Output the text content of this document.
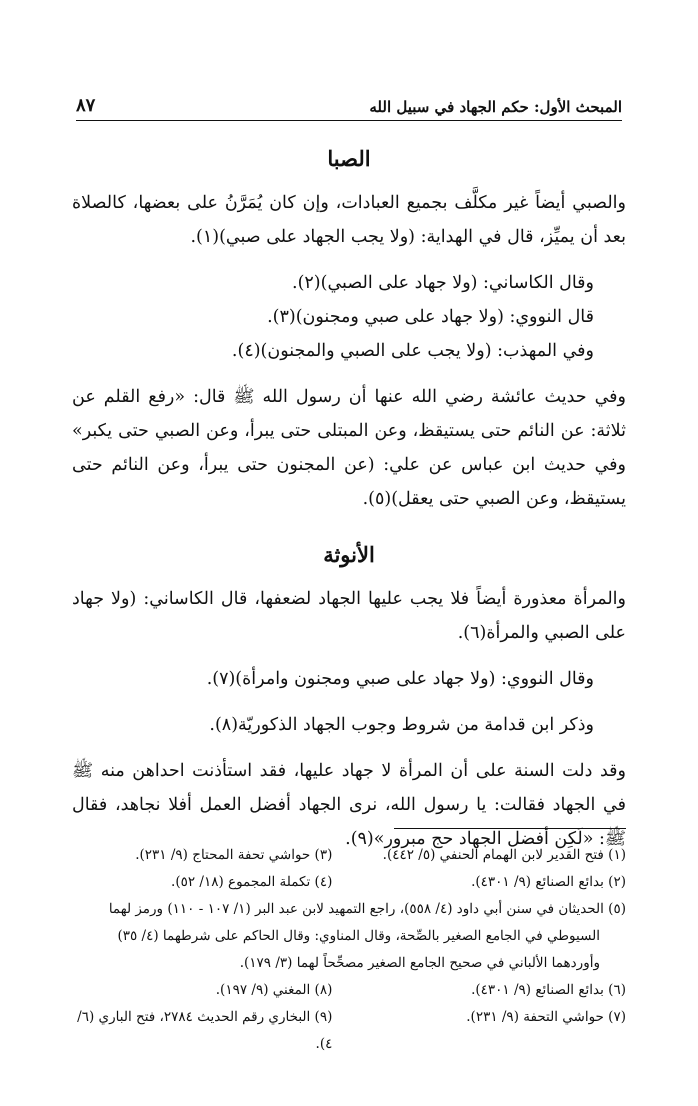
المبحث الأول: حكم الجهاد في سبيل الله
٨٧
الصبا

والصبي أيضاً غير مكلَّف بجميع العبادات، وإن كان يُمَرَّنُ على بعضها، كالصلاة بعد أن يميِّز، قال في الهداية: (ولا يجب الجهاد على صبي)(١).

وقال الكاساني: (ولا جهاد على الصبي)(٢).

قال النووي: (ولا جهاد على صبي ومجنون)(٣).

وفي المهذب: (ولا يجب على الصبي والمجنون)(٤).

وفي حديث عائشة رضي الله عنها أن رسول الله ﷺ قال: «رفع القلم عن ثلاثة: عن النائم حتى يستيقظ، وعن المبتلى حتى يبرأ، وعن الصبي حتى يكبر» وفي حديث ابن عباس عن علي: (عن المجنون حتى يبرأ، وعن النائم حتى يستيقظ، وعن الصبي حتى يعقل)(٥).

الأنوثة

والمرأة معذورة أيضاً فلا يجب عليها الجهاد لضعفها، قال الكاساني: (ولا جهاد على الصبي والمرأة(٦).

وقال النووي: (ولا جهاد على صبي ومجنون وامرأة)(٧).

وذكر ابن قدامة من شروط وجوب الجهاد الذكوريّة(٨).

وقد دلت السنة على أن المرأة لا جهاد عليها، فقد استأذنت احداهن منه ﷺ في الجهاد فقالت: يا رسول الله، نرى الجهاد أفضل العمل أفلا نجاهد، فقال ﷺ: «لَكِن أفضل الجهاد حج مبرور»(٩).

(١) فتح القدير لابن الهمام الحنفي (٥/ ٤٤٢).
(٣) حواشي تحفة المحتاج (٩/ ٢٣١).
(٢) بدائع الصنائع (٩/ ٤٣٠١).
(٤) تكملة المجموع (١٨/ ٥٢).
(٥) الحديثان في سنن أبي داود (٤/ ٥٥٨)، راجع التمهيد لابن عبد البر (١/ ١٠٧ - ١١٠) ورمز لهما
السيوطي في الجامع الصغير بالصِّحة، وقال المناوي: وقال الحاكم على شرطهما (٤/ ٣٥)
وأوردهما الألباني في صحيح الجامع الصغير مصحِّحاً لهما (٣/ ١٧٩).
(٦) بدائع الصنائع (٩/ ٤٣٠١).
(٨) المغني (٩/ ١٩٧).
(٧) حواشي التحفة (٩/ ٢٣١).
(٩) البخاري رقم الحديث ٢٧٨٤، فتح الباري (٦/ ٤).
